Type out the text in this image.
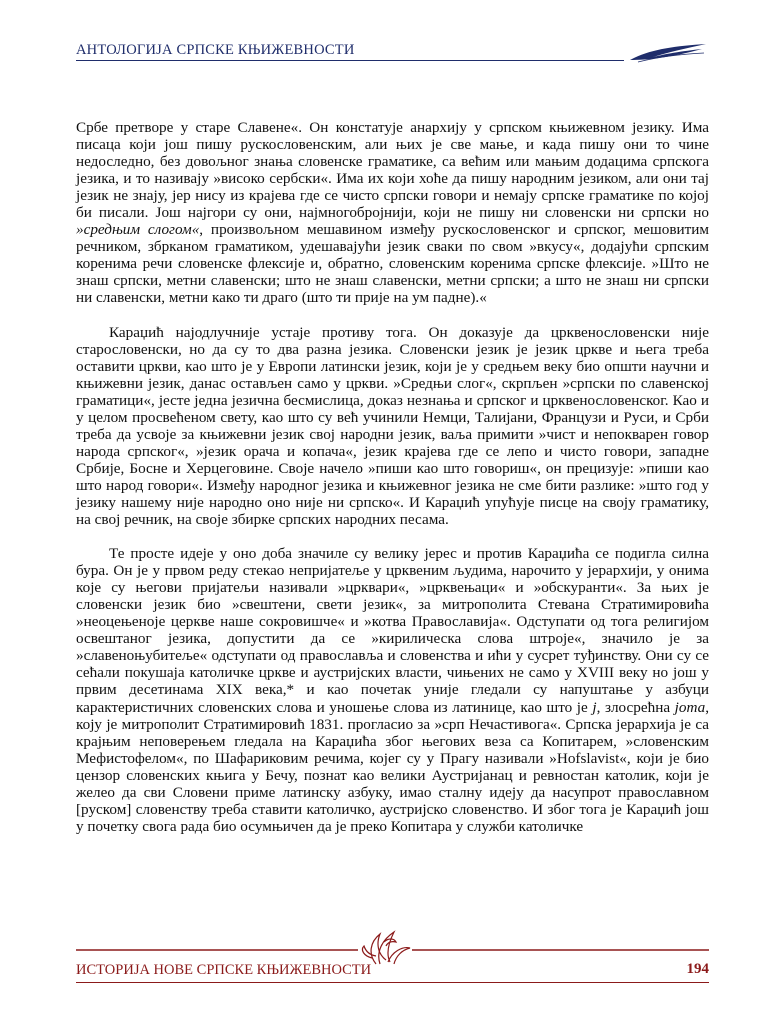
АНТОЛОГИЈА СРПСКЕ КЊИЖЕВНОСТИ

Србе претворе у старе Славене«. Он констатује анархију у српском књижевном језику. Има писаца који још пишу рускословенским, али њих је све мање, и када пишу они то чине недоследно, без довољног знања словенске граматике, са већим или мањим додацима српскога језика, и то називају »високо сербски«. Има их који хоће да пишу народним језиком, али они тај језик не знају, јер нису из крајева где се чисто српски говори и немају српске граматике по којој би писали. Још најгори су они, најмногобројнији, који не пишу ни словенски ни српски но »средњим слогом«, произвољном мешавином између рускословенског и српског, мешовитим речником, збрканом граматиком, удешавајући језик сваки по свом »вкусу«, додајући српским коренима речи словенске флексије и, обратно, словенским коренима српске флексије. »Што не знаш српски, метни славенски; што не знаш славенски, метни српски; а што не знаш ни српски ни славенски, метни како ти драго (што ти пријe на ум падне).«

Караџић најодлучније устаје противу тога. Он доказује да црквенословенски није старословенски, но да су то два разна језика. Словенски језик је језик цркве и њега треба оставити цркви, као што је у Европи латински језик, који је у средњем веку био општи научни и књижевни језик, данас остављен само у цркви. »Средњи слог«, скрпљен »српски по славенској граматици«, јесте једна језична бесмислица, доказ незнања и српског и црквенословенског. Као и у целом просвећеном свету, као што су већ учинили Немци, Талијани, Французи и Руси, и Срби треба да усвоје за књижевни језик свој народни језик, ваља примити »чист и непокварен говор народа српског«, »језик орача и копача«, језик крајева где се лепо и чисто говори, западне Србије, Босне и Херцеговине. Своје начело »пиши као што говориш«, он прецизује: »пиши као што народ говори«. Између народног језика и књижевног језика не сме бити разлике: »што год у језику нашему није народно оно није ни српско«. И Караџић упућује писце на своју граматику, на свој речник, на своје збирке српских народних песама.

Те просте идеје у оно доба значиле су велику јерес и против Караџића се подигла силна бура. Он је у првом реду стекао непријатеље у црквеним људима, нарочито у јерархији, у онима које су његови пријатељи називали »црквари«, »црквењаци« и »обскуранти«. За њих је словенски језик био »свештени, свети језик«, за митрополита Стевана Стратимировића »неоцењеноје церкве наше сокровишче« и »котва Православија«. Одступати од тога религијом освештаног језика, допустити да се »кирилическа слова штроје«, значило је за »славеноњубитеље« одступати од православља и словенства и ићи у сусрет туђинству. Они су се сећали покушаја католичке цркве и аустријских власти, чињених не само у XVIII веку но још у првим десетинама XIX века,* и као почетак уније гледали су напуштање у азбуци карактеристичних словенских слова и уношење слова из латинице, као што је ј, злосрећна јота, коју је митрополит Стратимировић 1831. прогласио за »срп Нечастивога«. Српска јерархија је са крајњим неповерењем гледала на Караџића због његових веза са Копитарем, »словенским Мефистофелом«, по Шафариковим речима, којег су у Прагу називали »Hofslavist«, који је био цензор словенских књига у Бечу, познат као велики Аустријанац и ревностан католик, који је желео да сви Словени приме латинску азбуку, имао сталну идеју да насупрот православном [руском] словенству треба ставити католичко, аустријско словенство. И због тога је Караџић још у почетку свога рада био осумњичен да је преко Копитара у служби католичке

ИСТОРИЈА НОВЕ СРПСКЕ КЊИЖЕВНОСТИ	194
